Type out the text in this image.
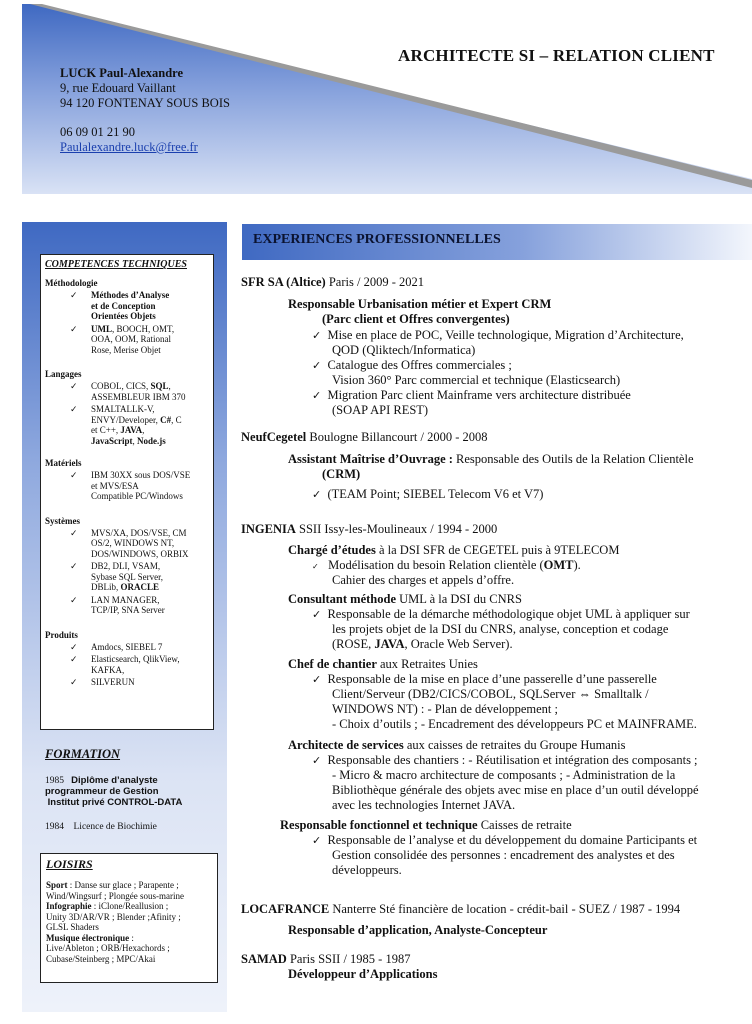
ARCHITECTE SI – RELATION CLIENT
LUCK Paul-Alexandre
9, rue Edouard Vaillant
94 120 FONTENAY SOUS BOIS
06 09 01 21 90
Paulalexandre.luck@free.fr
COMPETENCES TECHNIQUES
Méthodologie
✓ Méthodes d’Analyse
et de Conception
Orientées Objets
✓ UML, BOOCH, OMT,
OOA, OOM, Rational
Rose, Merise Objet
Langages
✓ COBOL, CICS, SQL,
ASSEMBLEUR IBM 370
✓ SMALTALLK-V,
ENVY/Developer, C#, C
et C++, JAVA,
JavaScript, Node.js
Matériels
✓ IBM 30XX sous DOS/VSE
et MVS/ESA
Compatible PC/Windows
Systèmes
✓ MVS/XA, DOS/VSE, CM
OS/2, WINDOWS NT,
DOS/WINDOWS, ORBIX
✓ DB2, DLI, VSAM,
Sybase SQL Server,
DBLib, ORACLE
✓ LAN MANAGER,
TCP/IP, SNA Server
Produits
✓ Amdocs, SIEBEL 7
✓ Elasticsearch, QlikView,
KAFKA,
✓ SILVERUN
FORMATION
1985 Diplôme d’analyste
programmeur de Gestion
Institut privé CONTROL-DATA
1984 Licence de Biochimie
LOISIRS
Sport : Danse sur glace ; Parapente ;
Wind/Wingsurf ; Plongée sous-marine
Infographie : iClone/Reallusion ;
Unity 3D/AR/VR ; Blender ;Afinity ;
GLSL Shaders
Musique électronique :
Live/Ableton ; ORB/Hexachords ;
Cubase/Steinberg ; MPC/Akai
EXPERIENCES PROFESSIONNELLES
SFR SA (Altice) Paris / 2009 - 2021
Responsable Urbanisation métier et Expert CRM
(Parc client et Offres convergentes)
✓  Mise en place de POC, Veille technologique, Migration d’Architecture,
QOD (Qliktech/Informatica)
✓  Catalogue des Offres commerciales ;
Vision 360° Parc commercial et technique (Elasticsearch)
✓  Migration Parc client Mainframe vers architecture distribuée
(SOAP API REST)
NeufCegetel Boulogne Billancourt / 2000 - 2008
Assistant Maîtrise d’Ouvrage : Responsable des Outils de la Relation Clientèle
(CRM)
✓  (TEAM Point; SIEBEL Telecom V6 et V7)
INGENIA SSII Issy-les-Moulineaux / 1994 - 2000
Chargé d’études à la DSI SFR de CEGETEL puis à 9TELECOM
✓   Modélisation du besoin Relation clientèle (OMT).
Cahier des charges et appels d’offre.
Consultant méthode UML à la DSI du CNRS
✓  Responsable de la démarche méthodologique objet UML à appliquer sur
les projets objet de la DSI du CNRS, analyse, conception et codage
(ROSE, JAVA, Oracle Web Server).
Chef de chantier aux Retraites Unies
✓  Responsable de la mise en place d’une passerelle d’une passerelle
Client/Serveur (DB2/CICS/COBOL, SQLServer ⇔ Smalltalk /
WINDOWS NT) : - Plan de développement ;
- Choix d’outils ; - Encadrement des développeurs PC et MAINFRAME.
Architecte de services aux caisses de retraites du Groupe Humanis
✓  Responsable des chantiers : - Réutilisation et intégration des composants ;
- Micro & macro architecture de composants ; - Administration de la
Bibliothèque générale des objets avec mise en place d’un outil développé
avec les technologies Internet JAVA.
Responsable fonctionnel et technique Caisses de retraite
✓  Responsable de l’analyse et du développement du domaine Participants et
Gestion consolidée des personnes : encadrement des analystes et des
développeurs.
LOCAFRANCE Nanterre Sté financière de location - crédit-bail - SUEZ / 1987 - 1994
Responsable d’application, Analyste-Concepteur
SAMAD Paris SSII / 1985 - 1987
Développeur d’Applications
